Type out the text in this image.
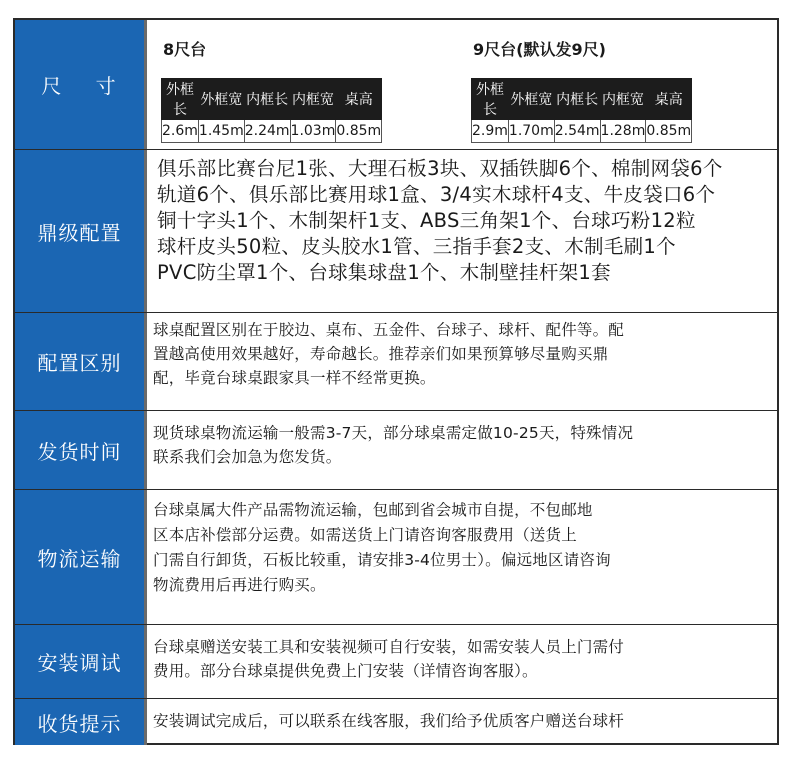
尺 寸
8尺台
外框长	外框宽	内框长	内框宽	桌高
2.6m	1.45m	2.24m	1.03m	0.85m
9尺台(默认发9尺)
外框长	外框宽	内框长	内框宽	桌高
2.9m	1.70m	2.54m	1.28m	0.85m
鼎级配置
俱乐部比赛台尼1张、大理石板3块、双插铁脚6个、棉制网袋6个
轨道6个、俱乐部比赛用球1盒、3/4实木球杆4支、牛皮袋口6个
铜十字头1个、木制架杆1支、ABS三角架1个、台球巧粉12粒
球杆皮头50粒、皮头胶水1管、三指手套2支、木制毛刷1个
PVC防尘罩1个、台球集球盘1个、木制壁挂杆架1套
配置区别
球桌配置区别在于胶边、桌布、五金件、台球子、球杆、配件等。配
置越高使用效果越好，寿命越长。推荐亲们如果预算够尽量购买鼎
配，毕竟台球桌跟家具一样不经常更换。
发货时间
现货球桌物流运输一般需3-7天，部分球桌需定做10-25天，特殊情况
联系我们会加急为您发货。
物流运输
台球桌属大件产品需物流运输，包邮到省会城市自提，不包邮地
区本店补偿部分运费。如需送货上门请咨询客服费用（送货上
门需自行卸货，石板比较重，请安排3-4位男士）。偏远地区请咨询
物流费用后再进行购买。
安装调试
台球桌赠送安装工具和安装视频可自行安装，如需安装人员上门需付
费用。部分台球桌提供免费上门安装（详情咨询客服）。
收货提示	安装调试完成后，可以联系在线客服，我们给予优质客户赠送台球杆
